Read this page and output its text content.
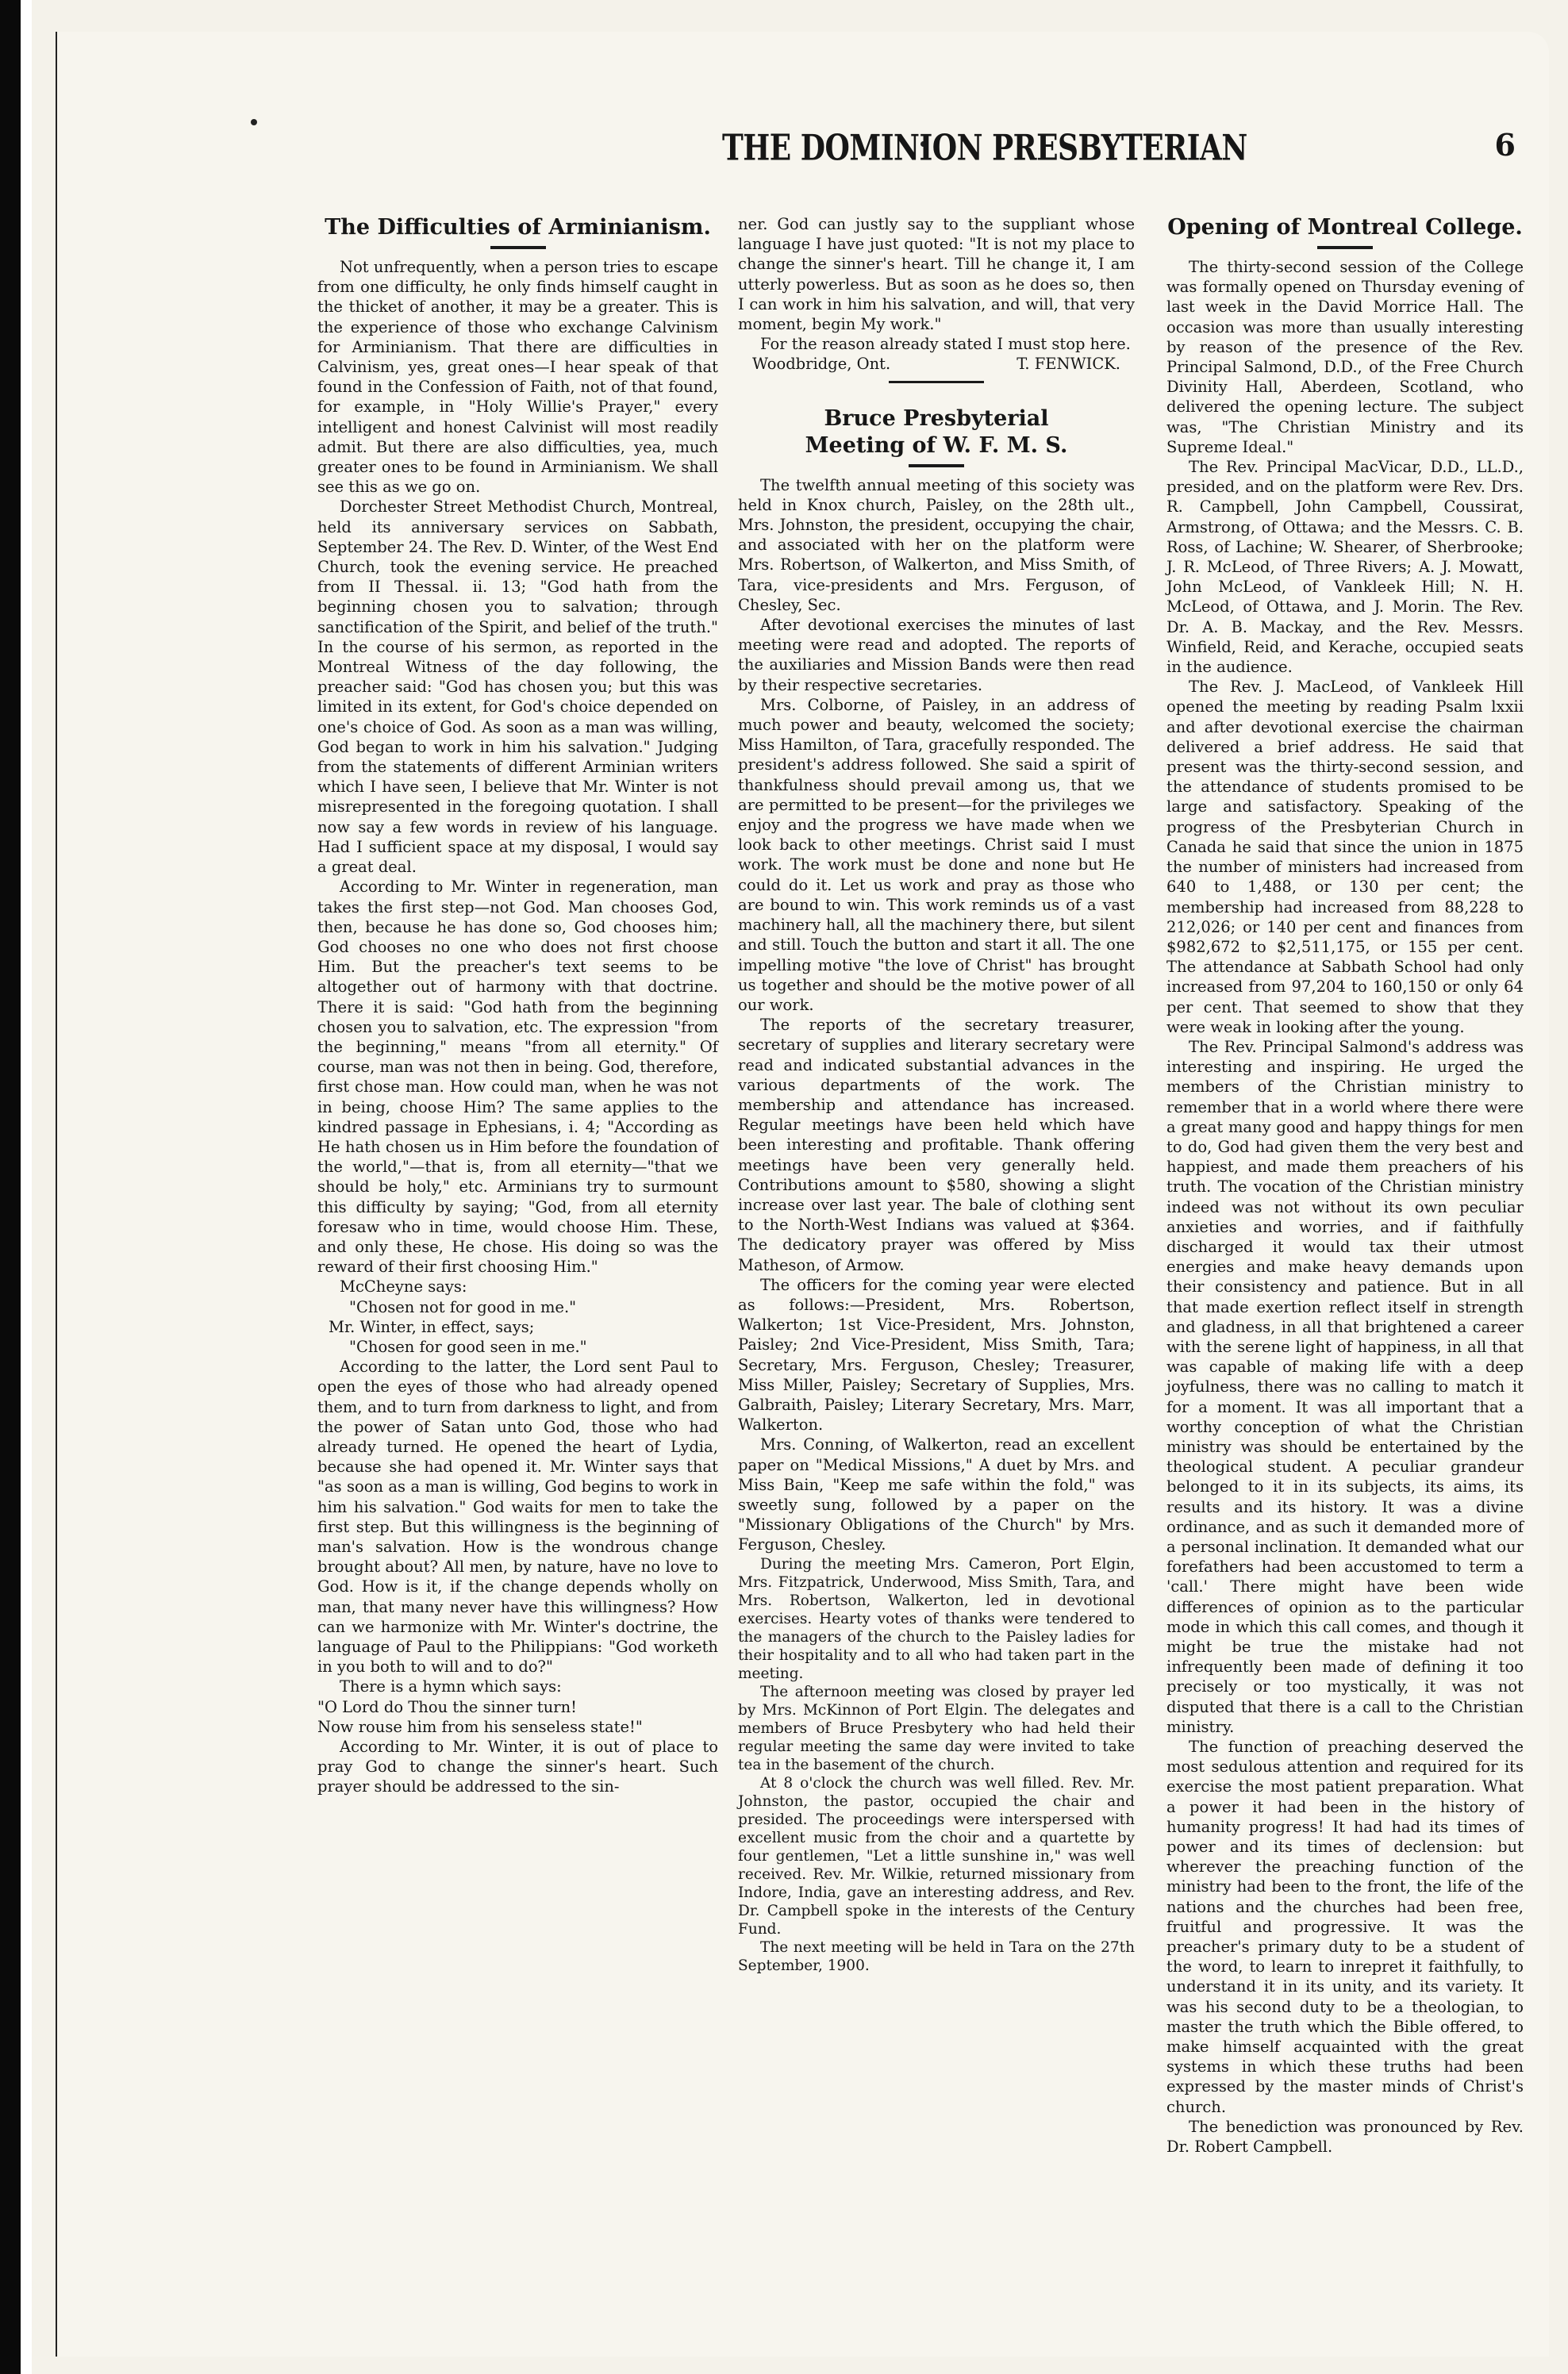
THE DOMINION PRESBYTERIAN	6
The Difficulties of Arminianism.

Not unfrequently, when a person tries to escape from one difficulty, he only finds himself caught in the thicket of another, it may be a greater. This is the experience of those who exchange Calvinism for Arminianism. That there are difficulties in Calvinism, yes, great ones—I hear speak of that found in the Confession of Faith, not of that found, for example, in "Holy Willie's Prayer," every intelligent and honest Calvinist will most readily admit. But there are also difficulties, yea, much greater ones to be found in Arminianism. We shall see this as we go on.

Dorchester Street Methodist Church, Montreal, held its anniversary services on Sabbath, September 24. The Rev. D. Winter, of the West End Church, took the evening service. He preached from II Thessal. ii. 13; "God hath from the beginning chosen you to salvation; through sanctification of the Spirit, and belief of the truth." In the course of his sermon, as reported in the Montreal Witness of the day following, the preacher said: "God has chosen you; but this was limited in its extent, for God's choice depended on one's choice of God. As soon as a man was willing, God began to work in him his salvation." Judging from the statements of different Arminian writers which I have seen, I believe that Mr. Winter is not misrepresented in the foregoing quotation. I shall now say a few words in review of his language. Had I sufficient space at my disposal, I would say a great deal.

According to Mr. Winter in regeneration, man takes the first step—not God. Man chooses God, then, because he has done so, God chooses him; God chooses no one who does not first choose Him. But the preacher's text seems to be altogether out of harmony with that doctrine. There it is said: "God hath from the beginning chosen you to salvation, etc. The expression "from the beginning," means "from all eternity." Of course, man was not then in being. God, therefore, first chose man. How could man, when he was not in being, choose Him? The same applies to the kindred passage in Ephesians, i. 4; "According as He hath chosen us in Him before the foundation of the world,"—that is, from all eternity—"that we should be holy," etc. Arminians try to surmount this difficulty by saying; "God, from all eternity foresaw who in time, would choose Him. These, and only these, He chose. His doing so was the reward of their first choosing Him."

McCheyne says:

"Chosen not for good in me."

Mr. Winter, in effect, says;

"Chosen for good seen in me."

According to the latter, the Lord sent Paul to open the eyes of those who had already opened them, and to turn from darkness to light, and from the power of Satan unto God, those who had already turned. He opened the heart of Lydia, because she had opened it. Mr. Winter says that "as soon as a man is willing, God begins to work in him his salvation." God waits for men to take the first step. But this willingness is the beginning of man's salvation. How is the wondrous change brought about? All men, by nature, have no love to God. How is it, if the change depends wholly on man, that many never have this willingness? How can we harmonize with Mr. Winter's doctrine, the language of Paul to the Philippians: "God worketh in you both to will and to do?"

There is a hymn which says:

"O Lord do Thou the sinner turn!

Now rouse him from his senseless state!"

According to Mr. Winter, it is out of place to pray God to change the sinner's heart. Such prayer should be addressed to the sin-

ner. God can justly say to the suppliant whose language I have just quoted: "It is not my place to change the sinner's heart. Till he change it, I am utterly powerless. But as soon as he does so, then I can work in him his salvation, and will, that very moment, begin My work."

For the reason already stated I must stop here.

Woodbridge, Ont.	T. FENWICK.
Bruce Presbyterial Meeting of W. F. M. S.

The twelfth annual meeting of this society was held in Knox church, Paisley, on the 28th ult., Mrs. Johnston, the president, occupying the chair, and associated with her on the platform were Mrs. Robertson, of Walkerton, and Miss Smith, of Tara, vice-presidents and Mrs. Ferguson, of Chesley, Sec.

After devotional exercises the minutes of last meeting were read and adopted. The reports of the auxiliaries and Mission Bands were then read by their respective secretaries.

Mrs. Colborne, of Paisley, in an address of much power and beauty, welcomed the society; Miss Hamilton, of Tara, gracefully responded. The president's address followed. She said a spirit of thankfulness should prevail among us, that we are permitted to be present—for the privileges we enjoy and the progress we have made when we look back to other meetings. Christ said I must work. The work must be done and none but He could do it. Let us work and pray as those who are bound to win. This work reminds us of a vast machinery hall, all the machinery there, but silent and still. Touch the button and start it all. The one impelling motive "the love of Christ" has brought us together and should be the motive power of all our work.

The reports of the secretary treasurer, secretary of supplies and literary secretary were read and indicated substantial advances in the various departments of the work. The membership and attendance has increased. Regular meetings have been held which have been interesting and profitable. Thank offering meetings have been very generally held. Contributions amount to $580, showing a slight increase over last year. The bale of clothing sent to the North-West Indians was valued at $364. The dedicatory prayer was offered by Miss Matheson, of Armow.

The officers for the coming year were elected as follows:—President, Mrs. Robertson, Walkerton; 1st Vice-President, Mrs. Johnston, Paisley; 2nd Vice-President, Miss Smith, Tara; Secretary, Mrs. Ferguson, Chesley; Treasurer, Miss Miller, Paisley; Secretary of Supplies, Mrs. Galbraith, Paisley; Literary Secretary, Mrs. Marr, Walkerton.

Mrs. Conning, of Walkerton, read an excellent paper on "Medical Missions," A duet by Mrs. and Miss Bain, "Keep me safe within the fold," was sweetly sung, followed by a paper on the "Missionary Obligations of the Church" by Mrs. Ferguson, Chesley.

During the meeting Mrs. Cameron, Port Elgin, Mrs. Fitzpatrick, Underwood, Miss Smith, Tara, and Mrs. Robertson, Walkerton, led in devotional exercises. Hearty votes of thanks were tendered to the managers of the church to the Paisley ladies for their hospitality and to all who had taken part in the meeting.

The afternoon meeting was closed by prayer led by Mrs. McKinnon of Port Elgin. The delegates and members of Bruce Presbytery who had held their regular meeting the same day were invited to take tea in the basement of the church.

At 8 o'clock the church was well filled. Rev. Mr. Johnston, the pastor, occupied the chair and presided. The proceedings were interspersed with excellent music from the choir and a quartette by four gentlemen, "Let a little sunshine in," was well received. Rev. Mr. Wilkie, returned missionary from Indore, India, gave an interesting address, and Rev. Dr. Campbell spoke in the interests of the Century Fund.

The next meeting will be held in Tara on the 27th September, 1900.

Opening of Montreal College.

The thirty-second session of the College was formally opened on Thursday evening of last week in the David Morrice Hall. The occasion was more than usually interesting by reason of the presence of the Rev. Principal Salmond, D.D., of the Free Church Divinity Hall, Aberdeen, Scotland, who delivered the opening lecture. The subject was, "The Christian Ministry and its Supreme Ideal."

The Rev. Principal MacVicar, D.D., LL.D., presided, and on the platform were Rev. Drs. R. Campbell, John Campbell, Coussirat, Armstrong, of Ottawa; and the Messrs. C. B. Ross, of Lachine; W. Shearer, of Sherbrooke; J. R. McLeod, of Three Rivers; A. J. Mowatt, John McLeod, of Vankleek Hill; N. H. McLeod, of Ottawa, and J. Morin. The Rev. Dr. A. B. Mackay, and the Rev. Messrs. Winfield, Reid, and Kerache, occupied seats in the audience.

The Rev. J. MacLeod, of Vankleek Hill opened the meeting by reading Psalm lxxii and after devotional exercise the chairman delivered a brief address. He said that present was the thirty-second session, and the attendance of students promised to be large and satisfactory. Speaking of the progress of the Presbyterian Church in Canada he said that since the union in 1875 the number of ministers had increased from 640 to 1,488, or 130 per cent; the membership had increased from 88,228 to 212,026; or 140 per cent and finances from $982,672 to $2,511,175, or 155 per cent. The attendance at Sabbath School had only increased from 97,204 to 160,150 or only 64 per cent. That seemed to show that they were weak in looking after the young.

The Rev. Principal Salmond's address was interesting and inspiring. He urged the members of the Christian ministry to remember that in a world where there were a great many good and happy things for men to do, God had given them the very best and happiest, and made them preachers of his truth. The vocation of the Christian ministry indeed was not without its own peculiar anxieties and worries, and if faithfully discharged it would tax their utmost energies and make heavy demands upon their consistency and patience. But in all that made exertion reflect itself in strength and gladness, in all that brightened a career with the serene light of happiness, in all that was capable of making life with a deep joyfulness, there was no calling to match it for a moment. It was all important that a worthy conception of what the Christian ministry was should be entertained by the theological student. A peculiar grandeur belonged to it in its subjects, its aims, its results and its history. It was a divine ordinance, and as such it demanded more of a personal inclination. It demanded what our forefathers had been accustomed to term a 'call.' There might have been wide differences of opinion as to the particular mode in which this call comes, and though it might be true the mistake had not infrequently been made of defining it too precisely or too mystically, it was not disputed that there is a call to the Christian ministry.

The function of preaching deserved the most sedulous attention and required for its exercise the most patient preparation. What a power it had been in the history of humanity progress! It had had its times of power and its times of declension: but wherever the preaching function of the ministry had been to the front, the life of the nations and the churches had been free, fruitful and progressive. It was the preacher's primary duty to be a student of the word, to learn to inrepret it faithfully, to understand it in its unity, and its variety. It was his second duty to be a theologian, to master the truth which the Bible offered, to make himself acquainted with the great systems in which these truths had been expressed by the master minds of Christ's church.

The benediction was pronounced by Rev. Dr. Robert Campbell.
